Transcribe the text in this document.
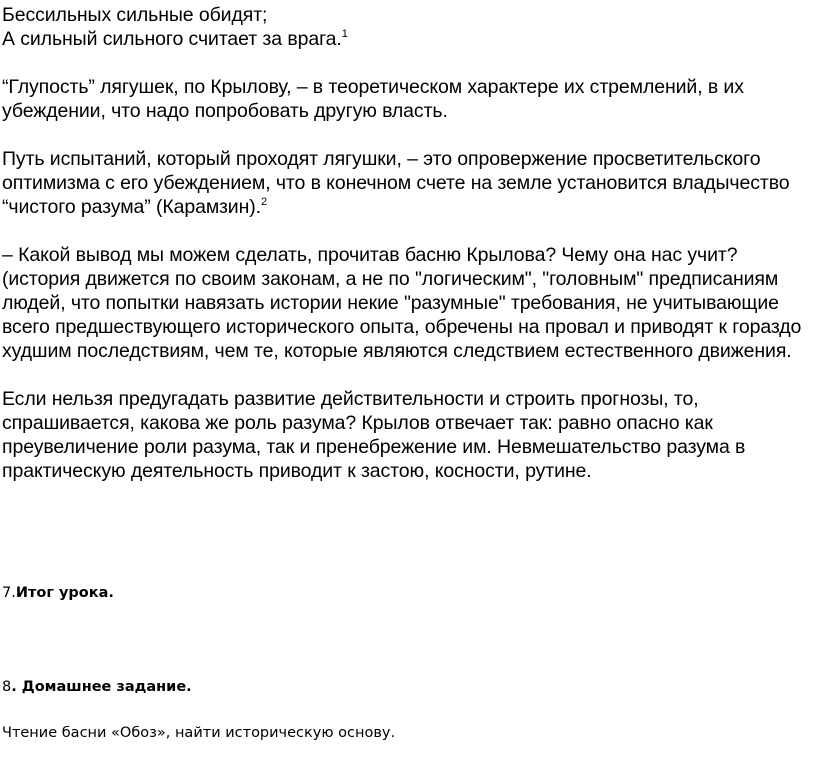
Бессильных сильные обидят;
А сильный сильного считает за врага.$^1$

“Глупость” лягушек, по Крылову, – в теоретическом характере их стремлений, в их убеждении, что надо попробовать другую власть.

Путь испытаний, который проходят лягушки, – это опровержение просветительского оптимизма с его убеждением, что в конечном счете на земле установится владычество “чистого разума” (Карамзин).$^2$

– Какой вывод мы можем сделать, прочитав басню Крылова? Чему она нас учит? (история движется по своим законам, а не по "логическим", "головным" предписаниям людей, что попытки навязать истории некие "разумные" требования, не учитывающие всего предшествующего исторического опыта, обречены на провал и приводят к гораздо худшим последствиям, чем те, которые являются следствием естественного движения.

Если нельзя предугадать развитие действительности и строить прогнозы, то, спрашивается, какова же роль разума? Крылов отвечает так: равно опасно как преувеличение роли разума, так и пренебрежение им. Невмешательство разума в практическую деятельность приводит к застою, косности, рутине.

7.Итог урока.
8. Домашнее задание.
Чтение басни «Обоз», найти историческую основу.
